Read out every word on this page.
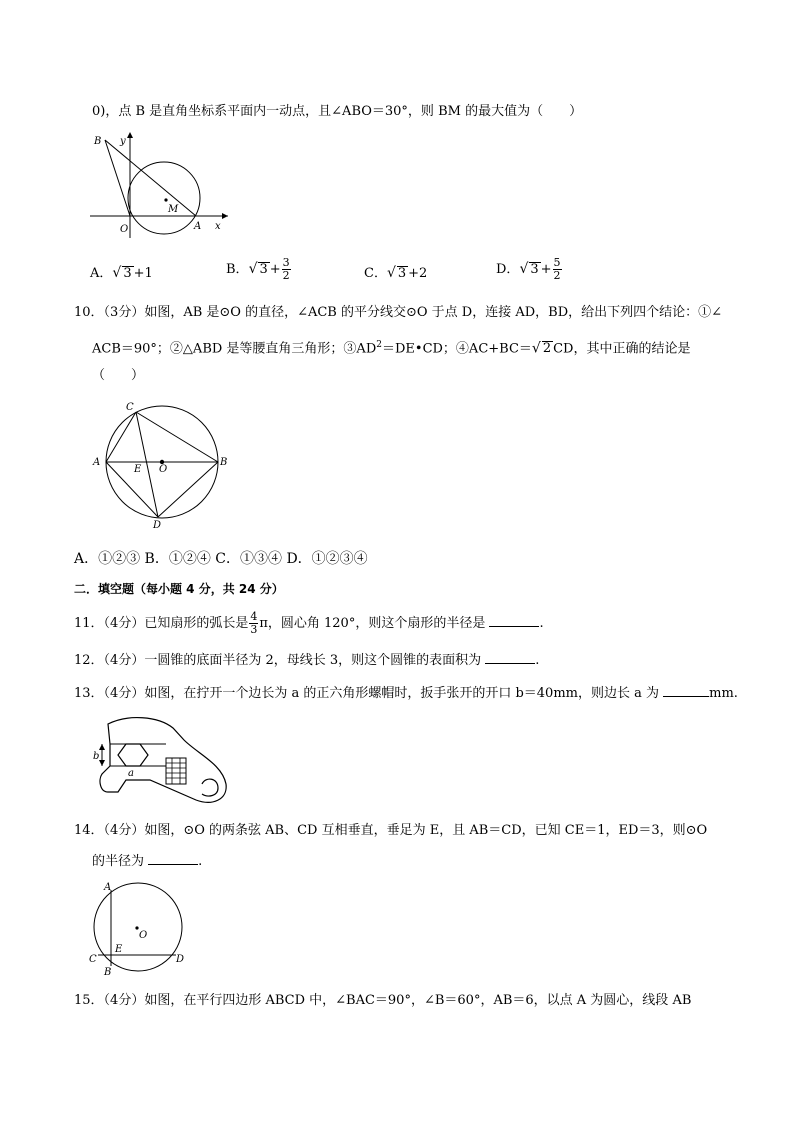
0)，点 B 是直角坐标系平面内一动点，且∠ABO＝30°，则 BM 的最大值为（　　）
B y
M
O	A x
A．√ 3 +1	B．√ $3 + \frac{3}{2}$	C．√ 3 +2	D．√ $3 + \frac{5}{2}$
10．（3分）如图，AB 是⊙O 的直径，∠ACB 的平分线交⊙O 于点 D，连接 AD，BD，给出下列四个结论：①∠
ACB＝90°；②△ABD 是等腰直角三角形；$③AD^2=DE•CD$；④AC+BC＝√ 2 CD，其中正确的结论是
（　　）
C
A
E O
B
D
A．①②③ B．①②④ C．①③④ D．①②③④
二．填空题（每小题 4 分，共 24 分）
11．（4分）已知扇形的弧长是 $\frac{4}{3}$ π，圆心角 120°，则这个扇形的半径是	.
12．（4分）一圆锥的底面半径为 2，母线长 3，则这个圆锥的表面积为	.
13．（4分）如图，在拧开一个边长为 a 的正六角形螺帽时，扳手张开的开口 b＝40mm，则边长 a 为	mm.
b
a
14．（4分）如图，⊙O 的两条弦 AB、CD 互相垂直，垂足为 E，且 AB＝CD，已知 CE＝1，ED＝3，则⊙O
的半径为	.
A
O
E
C
B
D
15．（4分）如图，在平行四边形 ABCD 中，∠BAC＝90°，∠B＝60°，AB＝6，以点 A 为圆心，线段 AB
